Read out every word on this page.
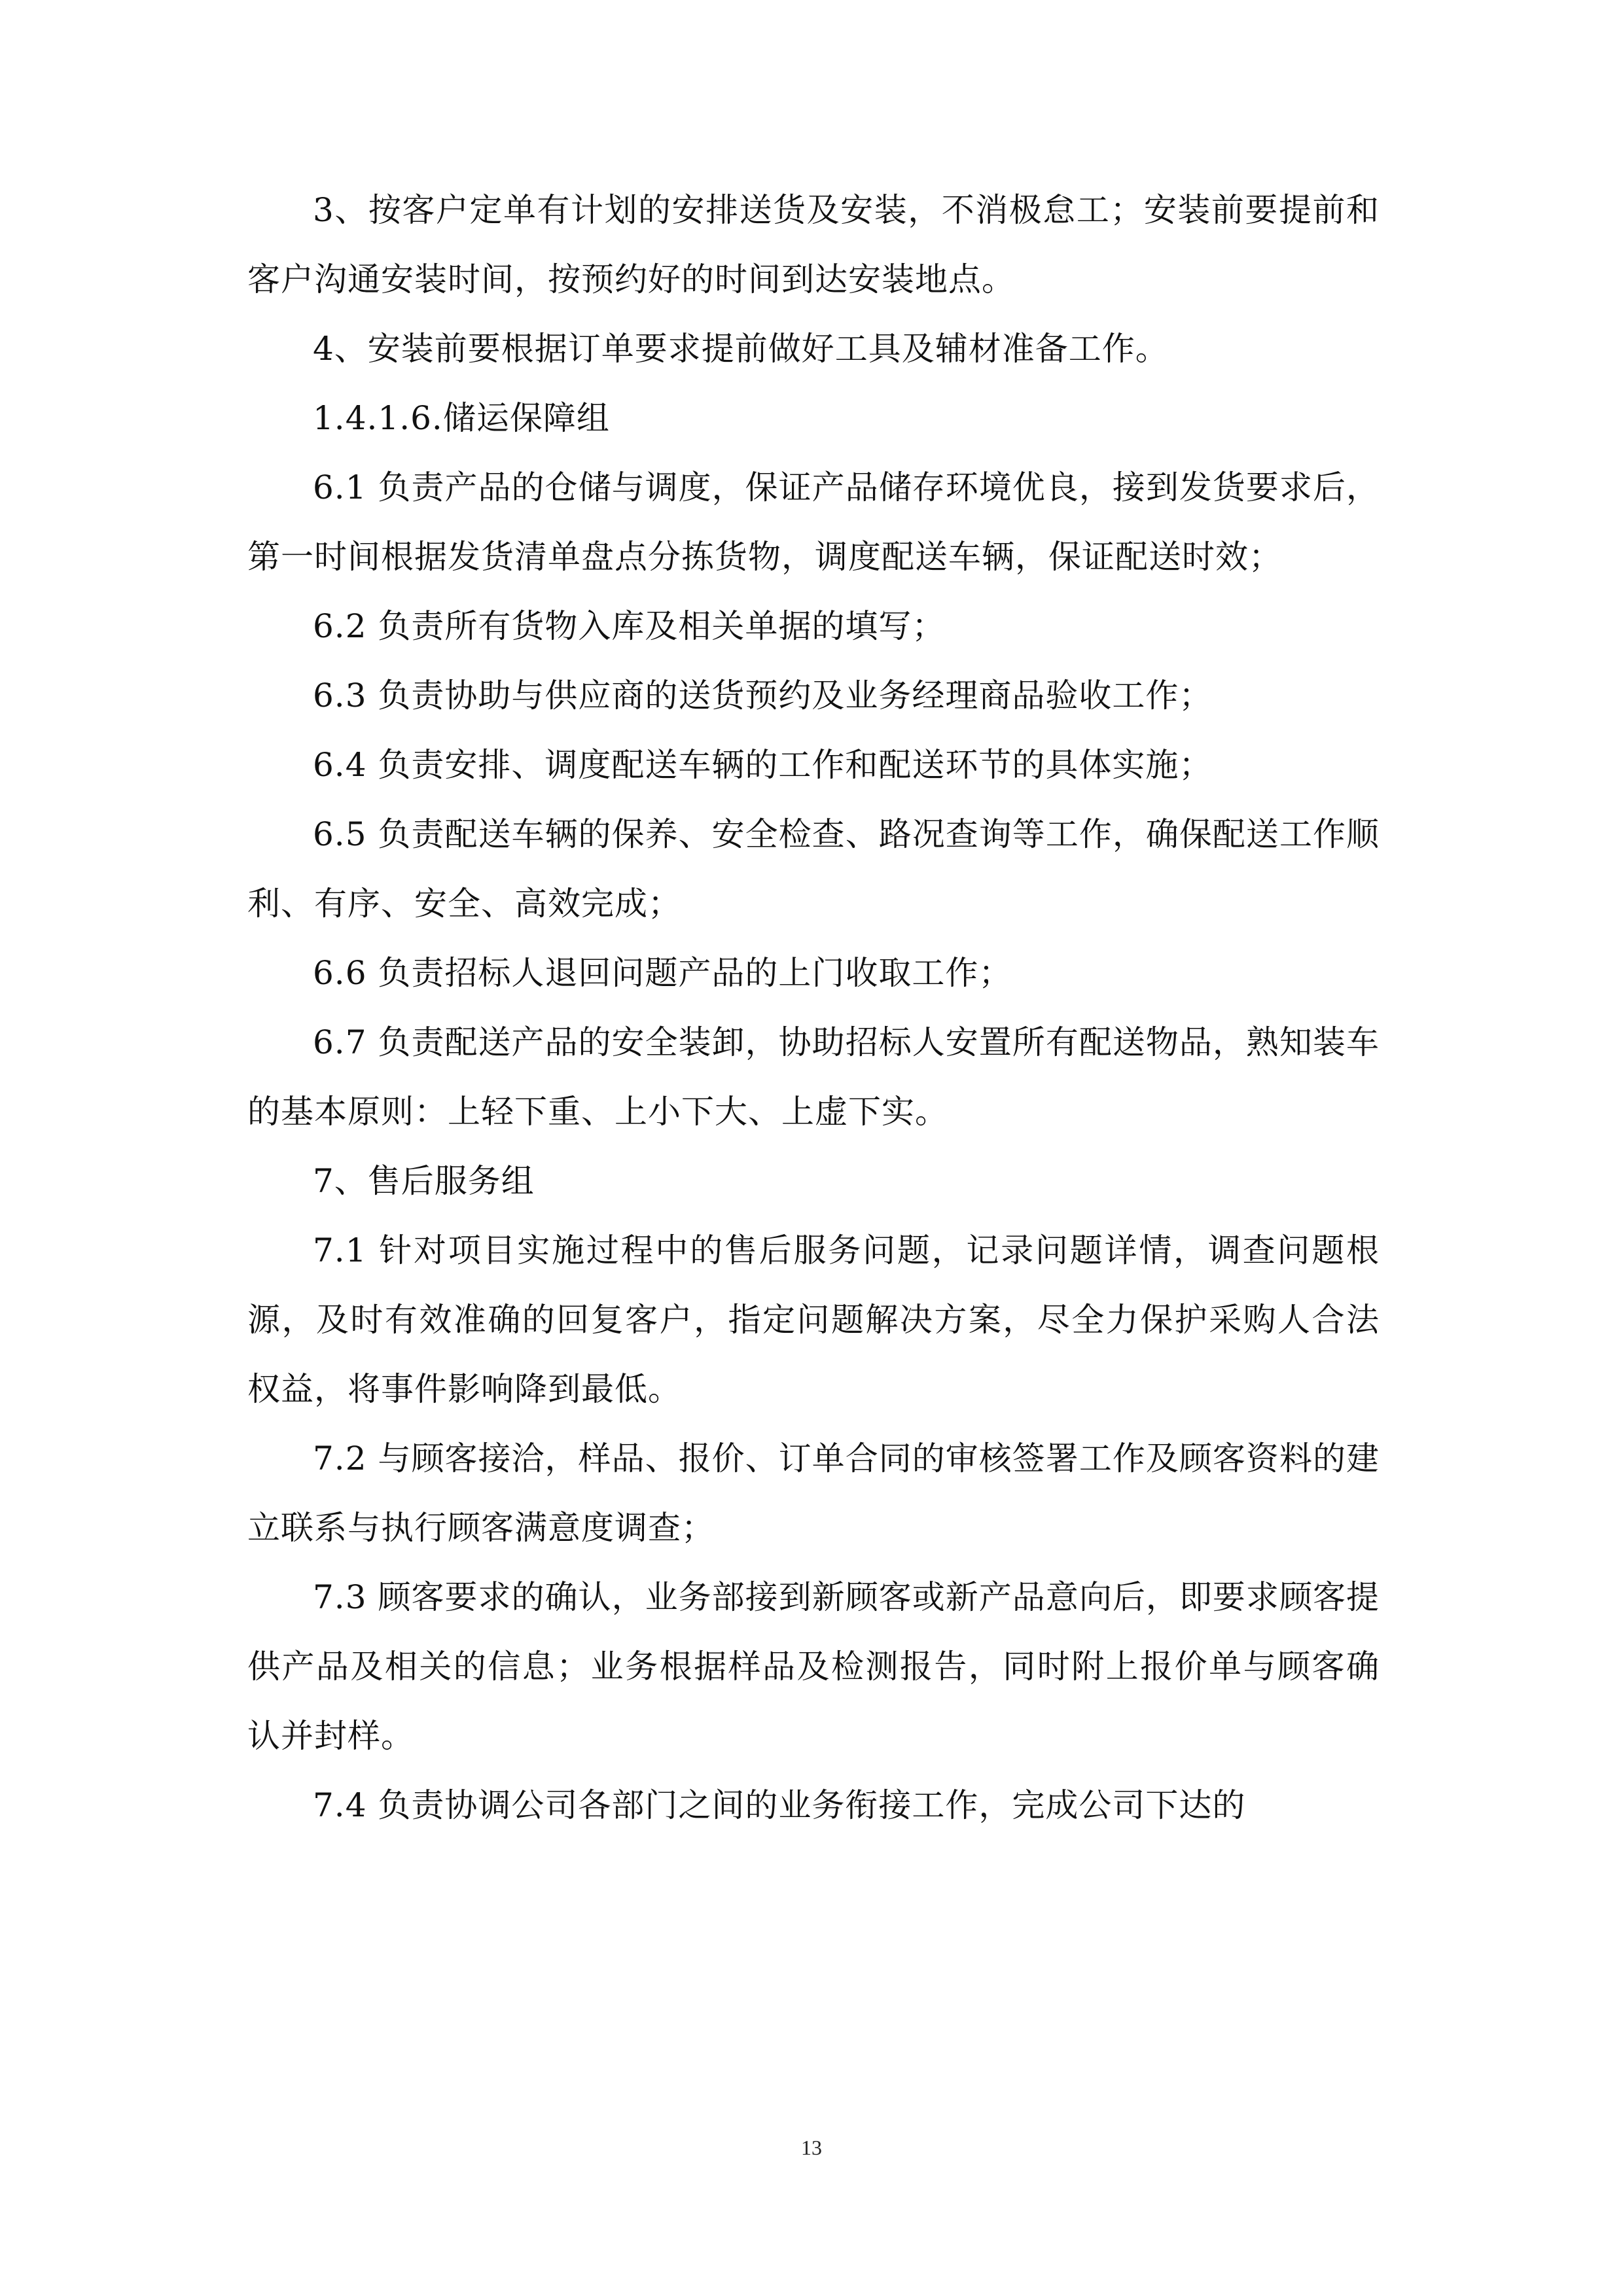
3、按客户定单有计划的安排送货及安装，不消极怠工；安装前要提前和客户沟通安装时间，按预约好的时间到达安装地点。

4、安装前要根据订单要求提前做好工具及辅材准备工作。

1.4.1.6.储运保障组

6.1 负责产品的仓储与调度，保证产品储存环境优良，接到发货要求后，第一时间根据发货清单盘点分拣货物，调度配送车辆，保证配送时效；

6.2 负责所有货物入库及相关单据的填写；

6.3 负责协助与供应商的送货预约及业务经理商品验收工作；

6.4 负责安排、调度配送车辆的工作和配送环节的具体实施；

6.5 负责配送车辆的保养、安全检查、路况查询等工作，确保配送工作顺利、有序、安全、高效完成；

6.6 负责招标人退回问题产品的上门收取工作；

6.7 负责配送产品的安全装卸，协助招标人安置所有配送物品，熟知装车的基本原则：上轻下重、上小下大、上虚下实。

7、售后服务组

7.1 针对项目实施过程中的售后服务问题，记录问题详情，调查问题根源，及时有效准确的回复客户，指定问题解决方案，尽全力保护采购人合法权益，将事件影响降到最低。

7.2 与顾客接洽，样品、报价、订单合同的审核签署工作及顾客资料的建立联系与执行顾客满意度调查；

7.3 顾客要求的确认，业务部接到新顾客或新产品意向后，即要求顾客提供产品及相关的信息；业务根据样品及检测报告，同时附上报价单与顾客确认并封样。

7.4 负责协调公司各部门之间的业务衔接工作，完成公司下达的

13
